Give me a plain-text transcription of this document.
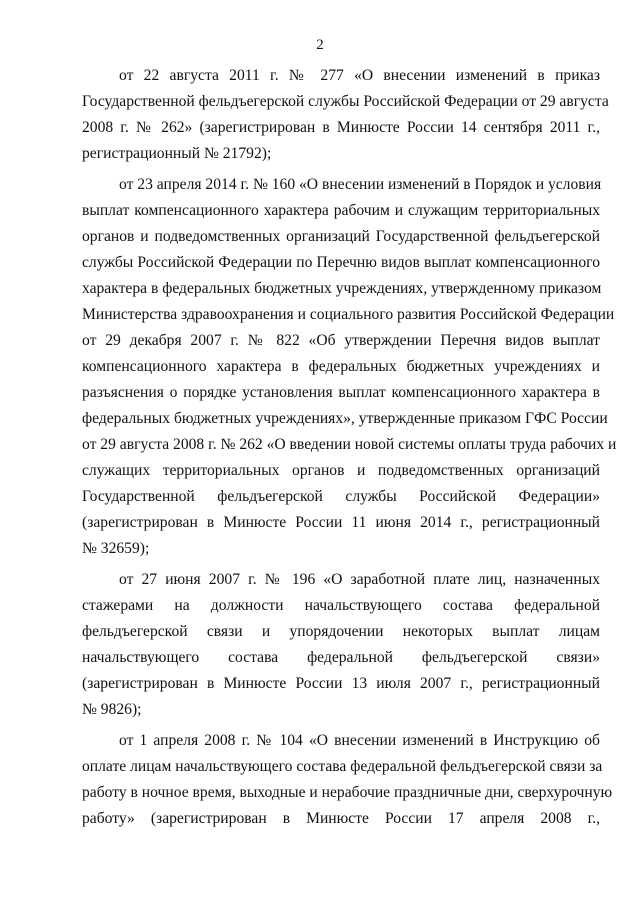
2
от 22 августа 2011 г. № 277 «О внесении изменений в приказ
Государственной фельдъегерской службы Российской Федерации от 29 августа
2008 г. № 262» (зарегистрирован в Минюсте России 14 сентября 2011 г.,
регистрационный № 21792);
от 23 апреля 2014 г. № 160 «О внесении изменений в Порядок и условия
выплат компенсационного характера рабочим и служащим территориальных
органов и подведомственных организаций Государственной фельдъегерской
службы Российской Федерации по Перечню видов выплат компенсационного
характера в федеральных бюджетных учреждениях, утвержденному приказом
Министерства здравоохранения и социального развития Российской Федерации
от 29 декабря 2007 г. № 822 «Об утверждении Перечня видов выплат
компенсационного характера в федеральных бюджетных учреждениях и
разъяснения о порядке установления выплат компенсационного характера в
федеральных бюджетных учреждениях», утвержденные приказом ГФС России
от 29 августа 2008 г. № 262 «О введении новой системы оплаты труда рабочих и
служащих территориальных органов и подведомственных организаций
Государственной фельдъегерской службы Российской Федерации»
(зарегистрирован в Минюсте России 11 июня 2014 г., регистрационный
№ 32659);
от 27 июня 2007 г. № 196 «О заработной плате лиц, назначенных
стажерами на должности начальствующего состава федеральной
фельдъегерской связи и упорядочении некоторых выплат лицам
начальствующего состава федеральной фельдъегерской связи»
(зарегистрирован в Минюсте России 13 июля 2007 г., регистрационный
№ 9826);
от 1 апреля 2008 г. № 104 «О внесении изменений в Инструкцию об
оплате лицам начальствующего состава федеральной фельдъегерской связи за
работу в ночное время, выходные и нерабочие праздничные дни, сверхурочную
работу» (зарегистрирован в Минюсте России 17 апреля 2008 г.,
